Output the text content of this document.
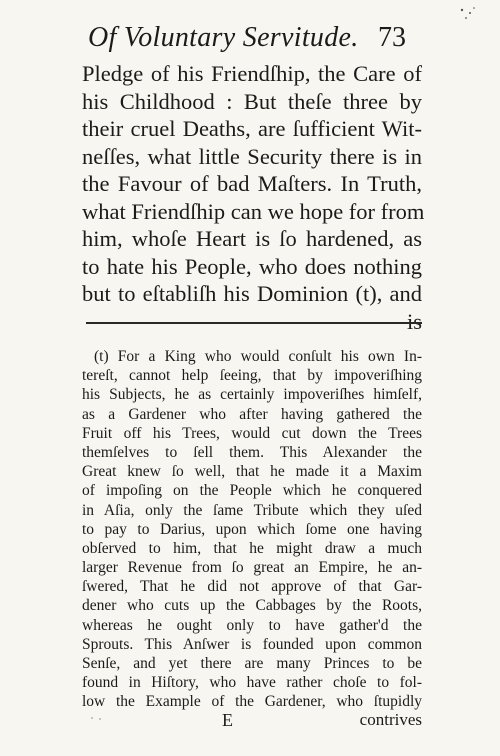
Of Voluntary Servitude. 73
Pledge of his Friendſhip, the Care of
his Childhood : But theſe three by
their cruel Deaths, are ſufficient Wit-
neſſes, what little Security there is in
the Favour of bad Maſters. In Truth,
what Friendſhip can we hope for from
him, whoſe Heart is ſo hardened, as
to hate his People, who does nothing
but to eſtabliſh his Dominion (t), and
is
(t) For a King who would conſult his own In-
tereſt, cannot help ſeeing, that by impoveriſhing
his Subjects, he as certainly impoveriſhes himſelf,
as a Gardener who after having gathered the
Fruit off his Trees, would cut down the Trees
themſelves to ſell them. This Alexander the
Great knew ſo well, that he made it a Maxim
of impoſing on the People which he conquered
in Aſia, only the ſame Tribute which they uſed
to pay to Darius, upon which ſome one having
obſerved to him, that he might draw a much
larger Revenue from ſo great an Empire, he an-
ſwered, That he did not approve of that Gar-
dener who cuts up the Cabbages by the Roots,
whereas he ought only to have gather'd the
Sprouts. This Anſwer is founded upon common
Senſe, and yet there are many Princes to be
found in Hiſtory, who have rather choſe to fol-
low the Example of the Gardener, who ſtupidly
E	contrives
